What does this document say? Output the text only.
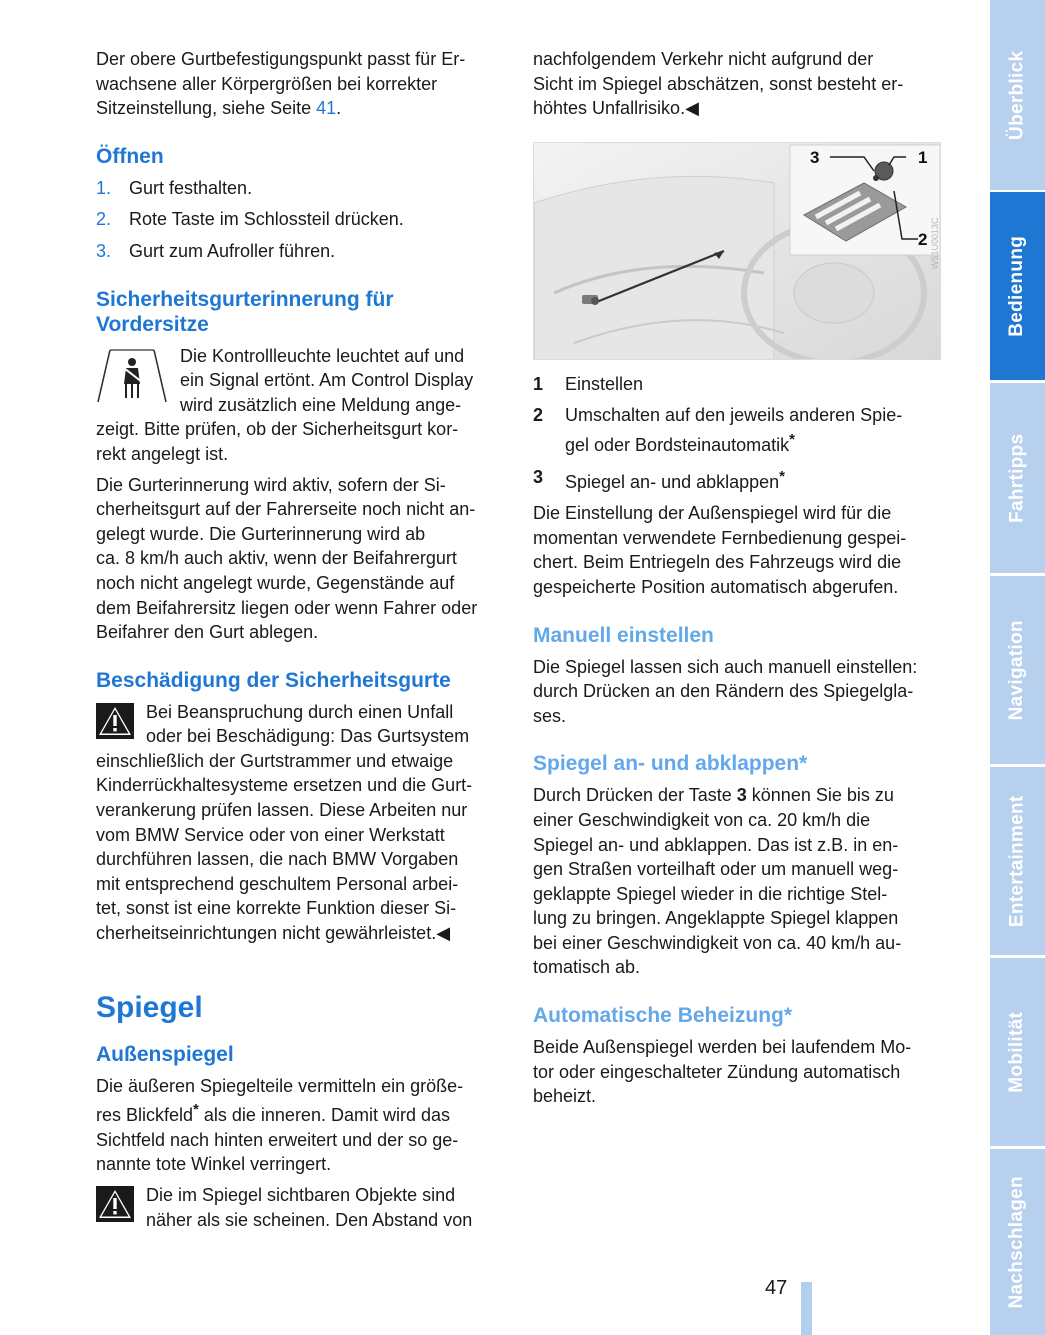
Der obere Gurtbefestigungspunkt passt für Er-
wachsene aller Körpergrößen bei korrekter
Sitzeinstellung, siehe Seite 41.

Öffnen
1. Gurt festhalten.
2. Rote Taste im Schlossteil drücken.
3. Gurt zum Aufroller führen.
Sicherheitsgurterinnerung für
Vordersitze

Die Kontrollleuchte leuchtet auf und
ein Signal ertönt. Am Control Display
wird zusätzlich eine Meldung ange-
zeigt. Bitte prüfen, ob der Sicherheitsgurt kor-
rekt angelegt ist.

Die Gurterinnerung wird aktiv, sofern der Si-
cherheitsgurt auf der Fahrerseite noch nicht an-
gelegt wurde. Die Gurterinnerung wird ab
ca. 8 km/h auch aktiv, wenn der Beifahrergurt
noch nicht angelegt wurde, Gegenstände auf
dem Beifahrersitz liegen oder wenn Fahrer oder
Beifahrer den Gurt ablegen.

Beschädigung der Sicherheitsgurte

Bei Beanspruchung durch einen Unfall
oder bei Beschädigung: Das Gurtsystem
einschließlich der Gurtstrammer und etwaige
Kinderrückhaltesysteme ersetzen und die Gurt-
verankerung prüfen lassen. Diese Arbeiten nur
vom BMW Service oder von einer Werkstatt
durchführen lassen, die nach BMW Vorgaben
mit entsprechend geschultem Personal arbei-
tet, sonst ist eine korrekte Funktion dieser Si-
cherheitseinrichtungen nicht gewährleistet.◀

Spiegel
Außenspiegel

Die äußeren Spiegelteile vermitteln ein größe-
res Blickfeld* als die inneren. Damit wird das
Sichtfeld nach hinten erweitert und der so ge-
nannte tote Winkel verringert.

Die im Spiegel sichtbaren Objekte sind
näher als sie scheinen. Den Abstand von

nachfolgendem Verkehr nicht aufgrund der
Sicht im Spiegel abschätzen, sonst besteht er-
höhtes Unfallrisiko.◀

3	1
2 W51U0013C
1 Einstellen
2 Umschalten auf den jeweils anderen Spie-
gel oder Bordsteinautomatik*
3 Spiegel an- und abklappen*

Die Einstellung der Außenspiegel wird für die
momentan verwendete Fernbedienung gespei-
chert. Beim Entriegeln des Fahrzeugs wird die
gespeicherte Position automatisch abgerufen.

Manuell einstellen

Die Spiegel lassen sich auch manuell einstellen:
durch Drücken an den Rändern des Spiegelgla-
ses.

Spiegel an- und abklappen*

Durch Drücken der Taste 3 können Sie bis zu
einer Geschwindigkeit von ca. 20 km/h die
Spiegel an- und abklappen. Das ist z.B. in en-
gen Straßen vorteilhaft oder um manuell weg-
geklappte Spiegel wieder in die richtige Stel-
lung zu bringen. Angeklappte Spiegel klappen
bei einer Geschwindigkeit von ca. 40 km/h au-
tomatisch ab.

Automatische Beheizung*

Beide Außenspiegel werden bei laufendem Mo-
tor oder eingeschalteter Zündung automatisch
beheizt.

Überblick
Bedienung
Fahrtipps
Navigation
Entertainment
Mobilität
Nachschlagen
47
